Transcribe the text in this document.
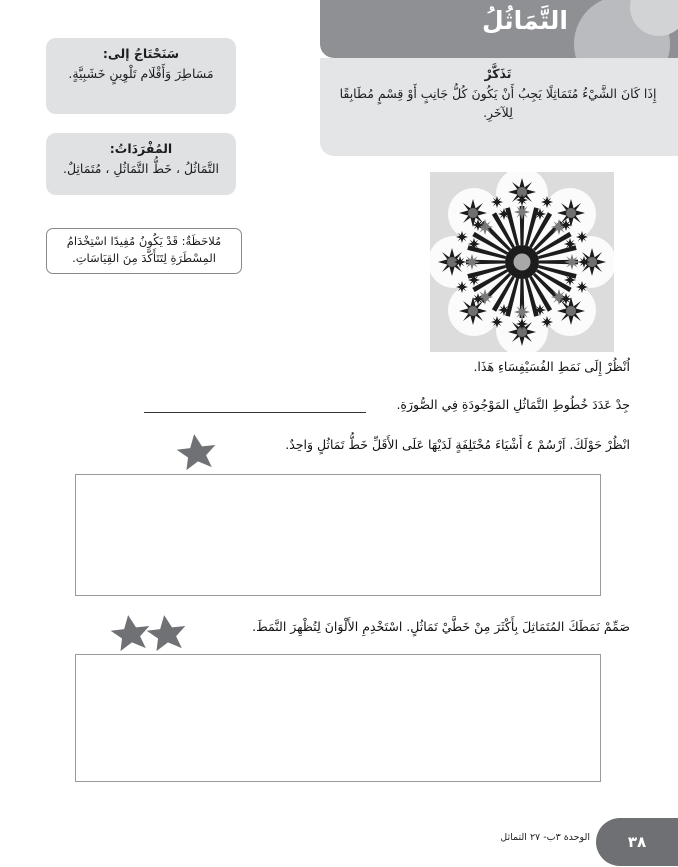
التَّمَاثُلُ
تَذَكَّرْ
إِذَا كَانَ الشَّيْءُ مُتَمَاثِلًا يَجِبُ أَنْ يَكُونَ كُلُّ جَانِبٍ أَوْ قِسْمٍ مُطَابِقًا لِلآخَرِ.
سَنَحْتَاجُ إلى:
مَسَاطِرَ وَأَقْلَام تَلْوِينٍ خَشَبِيَّةٍ.
المُفْرَدَاتُ:
التَّمَاثُلُ ، خَطُّ التَّمَاثُلِ ، مُتَمَاثِلٌ.
مُلاحَظَةٌ: قَدْ يَكُونُ مُفِيدًا اسْتِخْدَامُ
المِسْطَرَةِ لِتَتَأَكَّدَ مِنَ القِيَاسَاتِ.
اُنْظُرْ إِلَى نَمَطِ الفُسَيْفِسَاءِ هَذَا.
جِدْ عَدَدَ خُطُوطِ التَّمَاثُلِ المَوْجُودَةِ فِي الصُّورَةِ.
انْظُرْ حَوْلَكَ. اَرْسُمْ ٤ أَشْيَاءَ مُخْتَلِفَةٍ لَدَيْهَا عَلَى الأَقَلِّ خَطُّ تَمَاثُلٍ وَاحِدٌ.
صَمِّمْ نَمَطَكَ المُتَمَاثِلَ بِأَكْثَرَ مِنْ خَطَّيْ تَمَاثُلٍ. اسْتَخْدِمِ الأَلْوَانَ لِتُظْهِرَ النَّمَطَ.
الوحدة ٣ب- ٢٧ التماثل	٣٨
